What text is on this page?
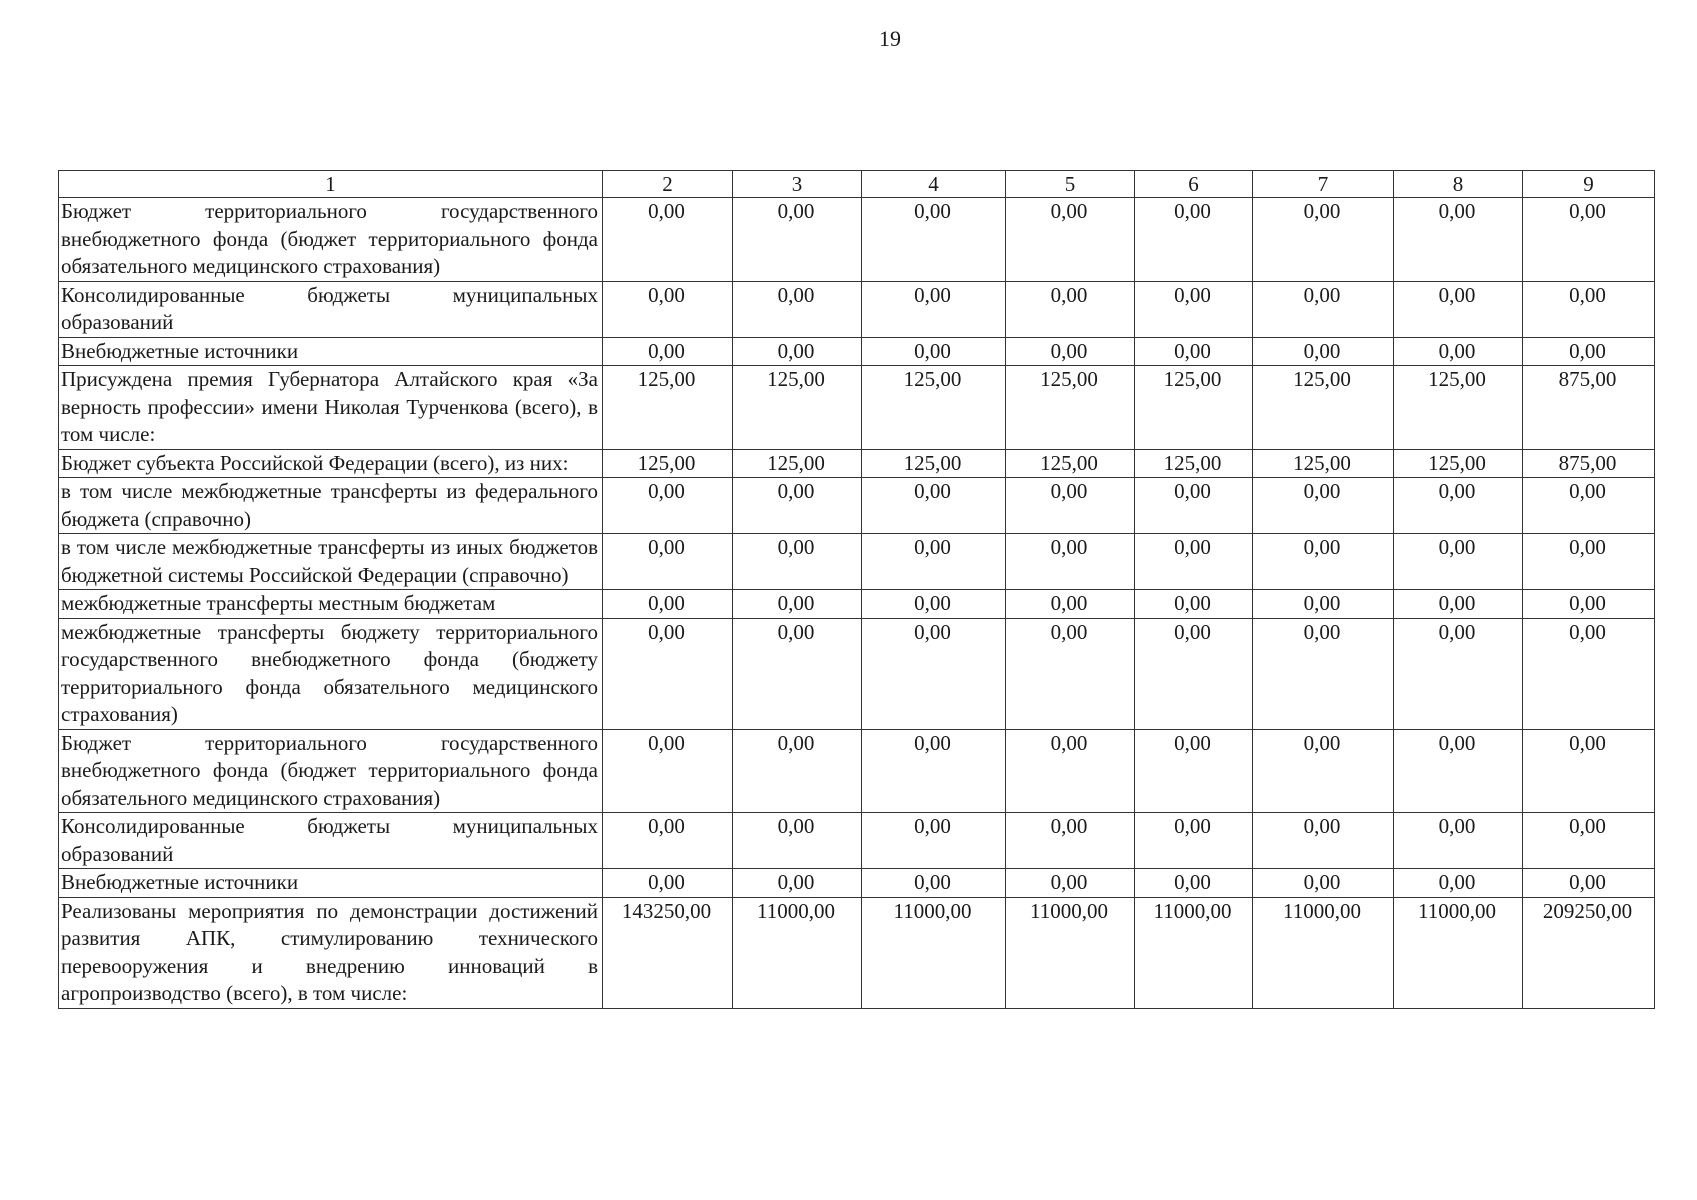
19
1	2	3	4	5	6	7	8	9
Бюджет территориального государственного внебюджетного фонда (бюджет территориального фонда обязательного медицинского страхования)	0,00	0,00	0,00	0,00	0,00	0,00	0,00	0,00
Консолидированные бюджеты муниципальных образований	0,00	0,00	0,00	0,00	0,00	0,00	0,00	0,00
Внебюджетные источники	0,00	0,00	0,00	0,00	0,00	0,00	0,00	0,00
Присуждена премия Губернатора Алтайского края «За верность профессии» имени Николая Турченкова (всего), в том числе:	125,00	125,00	125,00	125,00	125,00	125,00	125,00	875,00
Бюджет субъекта Российской Федерации (всего), из них:	125,00	125,00	125,00	125,00	125,00	125,00	125,00	875,00
в том числе межбюджетные трансферты из федерального бюджета (справочно)	0,00	0,00	0,00	0,00	0,00	0,00	0,00	0,00
в том числе межбюджетные трансферты из иных бюджетов бюджетной системы Российской Федерации (справочно)	0,00	0,00	0,00	0,00	0,00	0,00	0,00	0,00
межбюджетные трансферты местным бюджетам	0,00	0,00	0,00	0,00	0,00	0,00	0,00	0,00
межбюджетные трансферты бюджету территориального государственного внебюджетного фонда (бюджету территориального фонда обязательного медицинского страхования)	0,00	0,00	0,00	0,00	0,00	0,00	0,00	0,00
Бюджет территориального государственного внебюджетного фонда (бюджет территориального фонда обязательного медицинского страхования)	0,00	0,00	0,00	0,00	0,00	0,00	0,00	0,00
Консолидированные бюджеты муниципальных образований	0,00	0,00	0,00	0,00	0,00	0,00	0,00	0,00
Внебюджетные источники	0,00	0,00	0,00	0,00	0,00	0,00	0,00	0,00
Реализованы мероприятия по демонстрации достижений развития АПК, стимулированию технического перевооружения и внедрению инноваций в агропроизводство (всего), в том числе:	143250,00	11000,00	11000,00	11000,00	11000,00	11000,00	11000,00	209250,00
